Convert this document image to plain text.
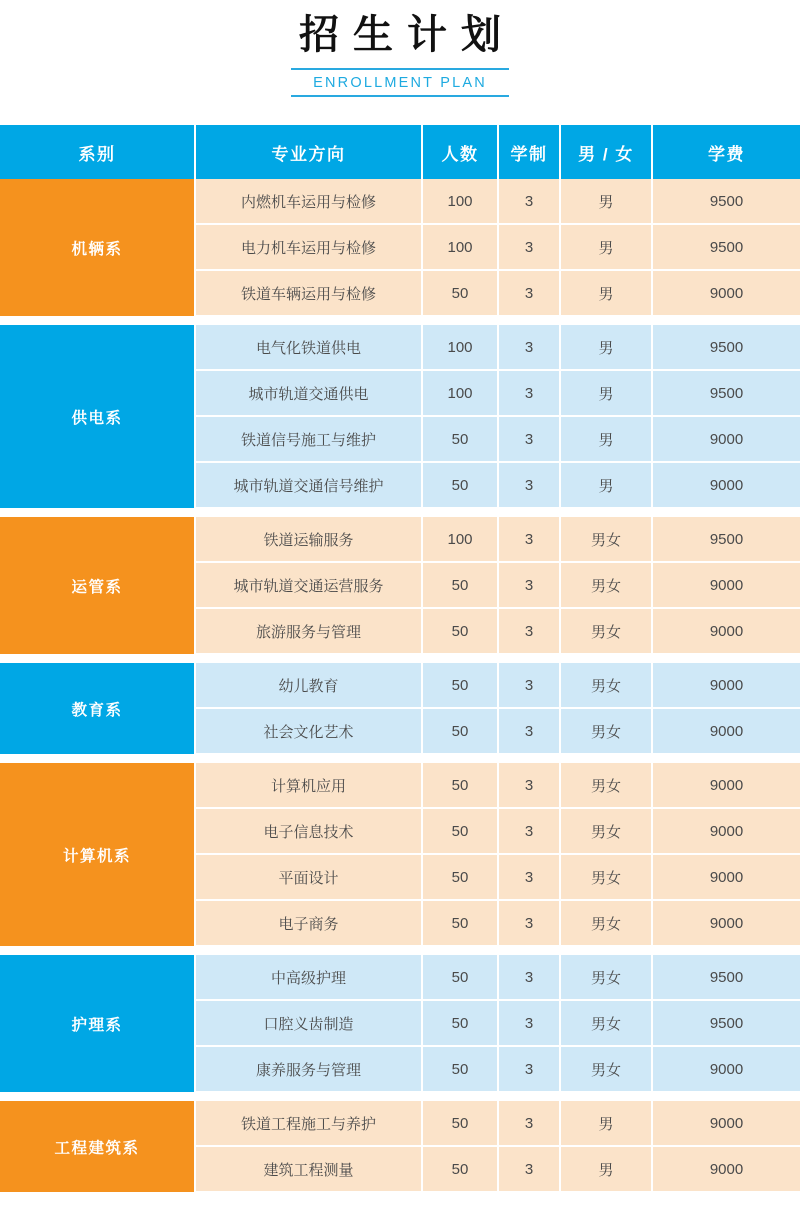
招生计划
ENROLLMENT PLAN
系别	专业方向	人数	学制	男 / 女	学费
机辆系	内燃机车运用与检修	100	3	男	9500
	电力机车运用与检修	100	3	男	9500
	铁道车辆运用与检修	50	3	男	9000

供电系	电气化铁道供电	100	3	男	9500
	城市轨道交通供电	100	3	男	9500
	铁道信号施工与维护	50	3	男	9000
	城市轨道交通信号维护	50	3	男	9000

运管系	铁道运输服务	100	3	男女	9500
	城市轨道交通运营服务	50	3	男女	9000
	旅游服务与管理	50	3	男女	9000

教育系	幼儿教育	50	3	男女	9000
	社会文化艺术	50	3	男女	9000

计算机系	计算机应用	50	3	男女	9000
	电子信息技术	50	3	男女	9000
	平面设计	50	3	男女	9000
	电子商务	50	3	男女	9000

护理系	中高级护理	50	3	男女	9500
	口腔义齿制造	50	3	男女	9500
	康养服务与管理	50	3	男女	9000

工程建筑系	铁道工程施工与养护	50	3	男	9000
	建筑工程测量	50	3	男	9000
